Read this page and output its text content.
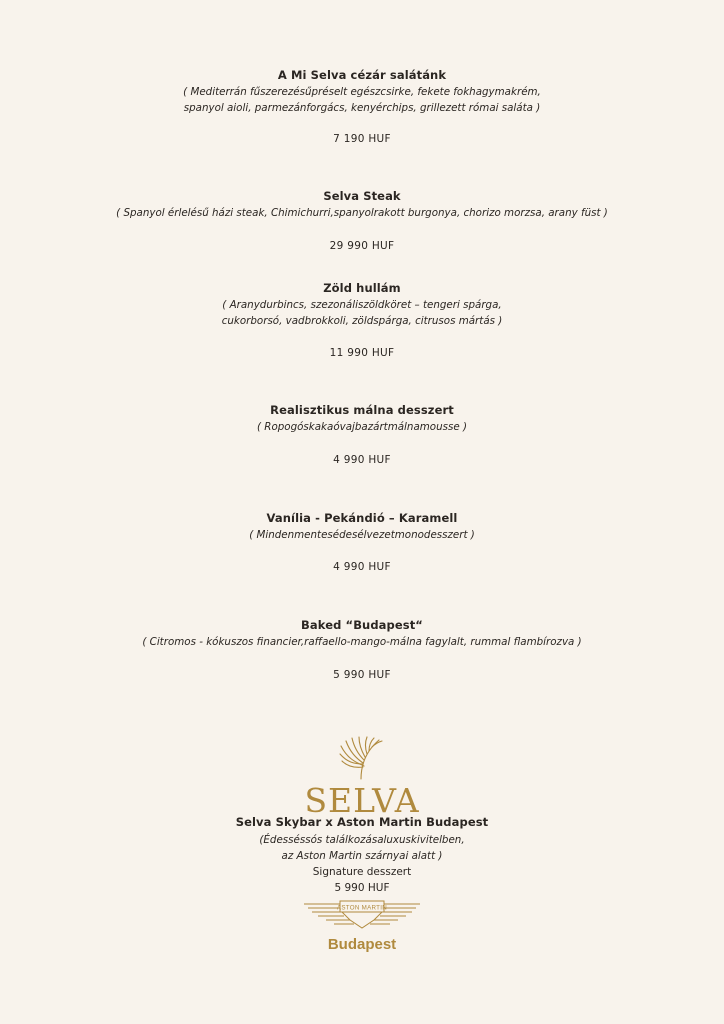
A Mi Selva cézár salátánk
( Mediterrán fűszerezésűpréselt egészcsirke, fekete fokhagymakrém,
spanyol aioli, parmezánforgács, kenyérchips, grillezett római saláta )
7 190 HUF
Selva Steak
( Spanyol érlelésű házi steak, Chimichurri,spanyolrakott burgonya, chorizo morzsa, arany füst )
29 990 HUF
Zöld hullám
( Aranydurbincs, szezonáliszöldköret – tengeri spárga,
cukorborsó, vadbrokkoli, zöldspárga, citrusos mártás )
11 990 HUF
Realisztikus málna desszert
( Ropogóskakaóvajbazártmálnamousse )
4 990 HUF
Vanília - Pekándió – Karamell
( Mindenmentesédesélvezetmonodesszert )
4 990 HUF
Baked “Budapest“
( Citromos - kókuszos financier,raffaello-mango-málna fagylalt, rummal flambírozva )
5 990 HUF
SELVA
Selva Skybar x Aston Martin Budapest
(Édesséssós találkozásaluxuskivitelben,
az Aston Martin szárnyai alatt )
Signature desszert
5 990 HUF
ASTON MARTIN
Budapest
